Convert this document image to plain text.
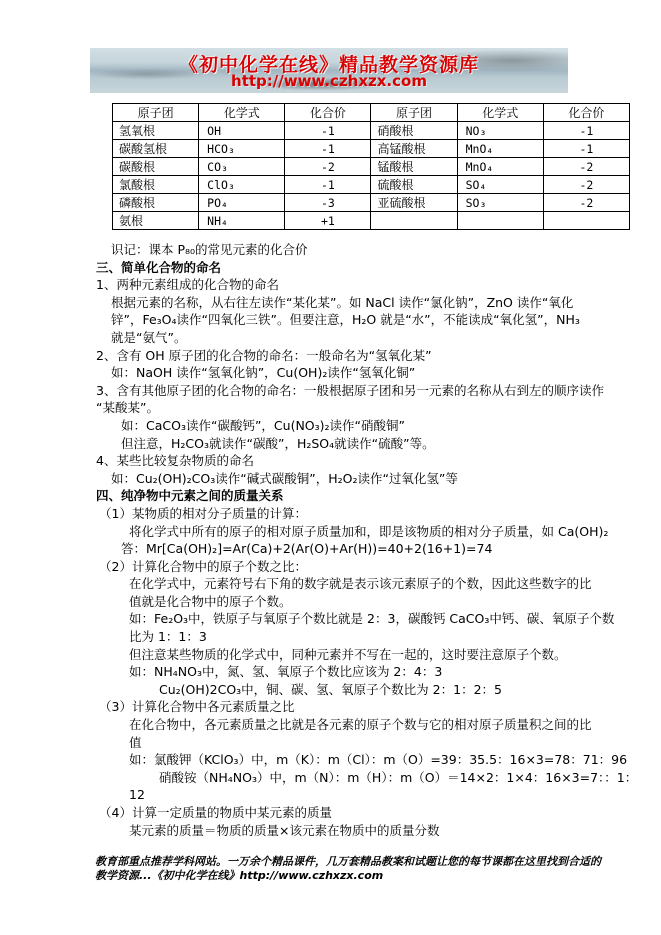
《初中化学在线》精品教学资源库
http://www.czhxzx.com
原子团	化学式	化合价	原子团	化学式	化合价
氢氧根	OH	-1	硝酸根	NO₃	-1
碳酸氢根	HCO₃	-1	高锰酸根	MnO₄	-1
碳酸根	CO₃	-2	锰酸根	MnO₄	-2
氯酸根	ClO₃	-1	硫酸根	SO₄	-2
磷酸根	PO₄	-3	亚硫酸根	SO₃	-2
氨根	NH₄	+1			

识记：课本 P₈₀的常见元素的化合价

三、简单化合物的命名

1、两种元素组成的化合物的命名

根据元素的名称，从右往左读作“某化某”。如 NaCl 读作“氯化钠”，ZnO 读作“氧化

锌”，Fe₃O₄读作“四氧化三铁”。但要注意，H₂O 就是“水”，不能读成“氧化氢”，NH₃

就是“氨气”。

2、含有 OH 原子团的化合物的命名：一般命名为“氢氧化某”

如：NaOH 读作“氢氧化钠”，Cu(OH)₂读作“氢氧化铜”

3、含有其他原子团的化合物的命名：一般根据原子团和另一元素的名称从右到左的顺序读作

“某酸某”。

如：CaCO₃读作“碳酸钙”，Cu(NO₃)₂读作“硝酸铜”

但注意，H₂CO₃就读作“碳酸”，H₂SO₄就读作“硫酸”等。

4、某些比较复杂物质的命名

如：Cu₂(OH)₂CO₃读作“碱式碳酸铜”，H₂O₂读作“过氧化氢”等

四、纯净物中元素之间的质量关系

（1）某物质的相对分子质量的计算：

将化学式中所有的原子的相对原子质量加和，即是该物质的相对分子质量，如 Ca(OH)₂

答：Mr[Ca(OH)₂]=Ar(Ca)+2(Ar(O)+Ar(H))=40+2(16+1)=74

（2）计算化合物中的原子个数之比：

在化学式中，元素符号右下角的数字就是表示该元素原子的个数，因此这些数字的比

值就是化合物中的原子个数。

如：Fe₂O₃中，铁原子与氧原子个数比就是 2：3，碳酸钙 CaCO₃中钙、碳、氧原子个数

比为 1：1：3

但注意某些物质的化学式中，同种元素并不写在一起的，这时要注意原子个数。

如：NH₄NO₃中，氮、氢、氧原子个数比应该为 2：4：3

Cu₂(OH)2CO₃中，铜、碳、氢、氧原子个数比为 2：1：2：5

（3）计算化合物中各元素质量之比

在化合物中，各元素质量之比就是各元素的原子个数与它的相对原子质量积之间的比

值

如：氯酸钾（KClO₃）中，m（K）：m（Cl）：m（O）=39：35.5：16×3=78：71：96

硝酸铵（NH₄NO₃）中，m（N）：m（H）：m（O）＝14×2：1×4：16×3=7：：1：

12

（4）计算一定质量的物质中某元素的质量

某元素的质量＝物质的质量×该元素在物质中的质量分数

教育部重点推荐学科网站。一万余个精品课件，几万套精品教案和试题让您的每节课都在这里找到合适的
教学资源...《初中化学在线》http://www.czhxzx.com
